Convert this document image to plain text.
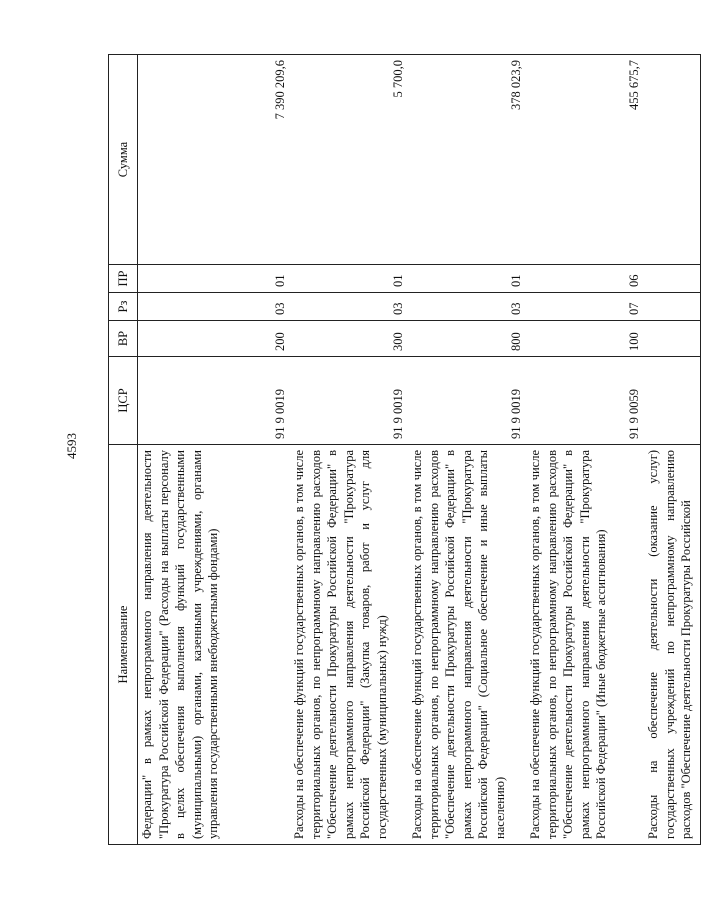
4593
Наименование	ЦСР	ВР	Рз	ПР	Сумма
Федерации" в рамках непрограммного направления деятельности "Прокуратура Российской Федерации" (Расходы на выплаты персоналу в целях обеспечения выполнения функций государственными (муниципальными) органами, казенными учреждениями, органами управления государственными внебюджетными фондами)	91 9 0019	200	03	01	7 390 209,6
Расходы на обеспечение функций государственных органов, в том числе территориальных органов, по непрограммному направлению расходов "Обеспечение деятельности Прокуратуры Российской Федерации" в рамках непрограммного направления деятельности "Прокуратура Российской Федерации" (Закупка товаров, работ и услуг для государственных (муниципальных) нужд)	91 9 0019	300	03	01	5 700,0
Расходы на обеспечение функций государственных органов, в том числе территориальных органов, по непрограммному направлению расходов "Обеспечение деятельности Прокуратуры Российской Федерации" в рамках непрограммного направления деятельности "Прокуратура Российской Федерации" (Социальное обеспечение и иные выплаты населению)	91 9 0019	800	03	01	378 023,9
Расходы на обеспечение функций государственных органов, в том числе территориальных органов, по непрограммному направлению расходов "Обеспечение деятельности Прокуратуры Российской Федерации" в рамках непрограммного направления деятельности "Прокуратура Российской Федерации" (Иные бюджетные ассигнования)	91 9 0059	100	07	06	455 675,7
Расходы на обеспечение деятельности (оказание услуг) государственных учреждений по непрограммному направлению расходов "Обеспечение деятельности Прокуратуры Российской					
